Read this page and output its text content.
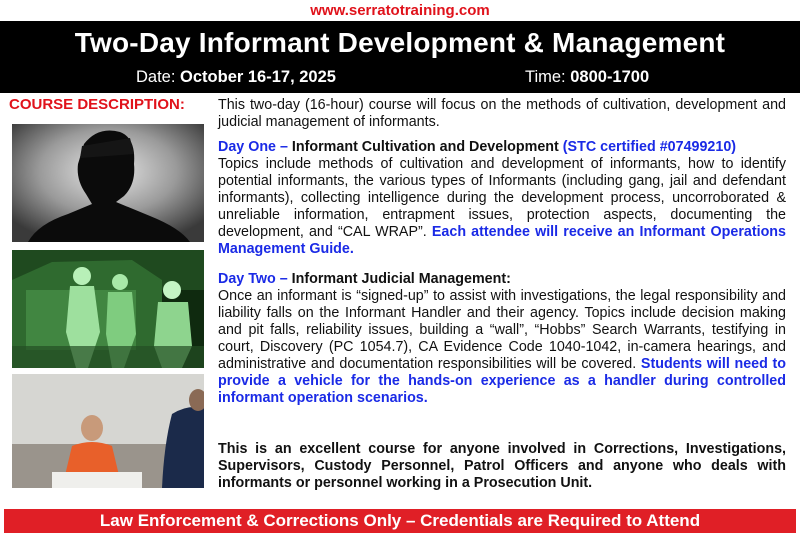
www.serratotraining.com
Two-Day Informant Development & Management
Date: October 16-17, 2025	Time: 0800-1700
COURSE DESCRIPTION: This two-day (16-hour) course will focus on the methods of cultivation, development and judicial management of informants.

Day One – Informant Cultivation and Development (STC certified #07499210)

Topics include methods of cultivation and development of informants, how to identify potential informants, the various types of Informants (including gang, jail and defendant informants), collecting intelligence during the development process, uncorroborated & unreliable information, entrapment issues, protection aspects, documenting the development, and “CAL WRAP”. Each attendee will receive an Informant Operations Management Guide.

Day Two – Informant Judicial Management:

Once an informant is “signed-up” to assist with investigations, the legal responsibility and liability falls on the Informant Handler and their agency. Topics include decision making and pit falls, reliability issues, building a “wall”, “Hobbs” Search Warrants, testifying in court, Discovery (PC 1054.7), CA Evidence Code 1040-1042, in-camera hearings, and administrative and documentation responsibilities will be covered. Students will need to provide a vehicle for the hands-on experience as a handler during controlled informant operation scenarios.

This is an excellent course for anyone involved in Corrections, Investigations, Supervisors, Custody Personnel, Patrol Officers and anyone who deals with informants or personnel working in a Prosecution Unit.

Law Enforcement & Corrections Only – Credentials are Required to Attend
